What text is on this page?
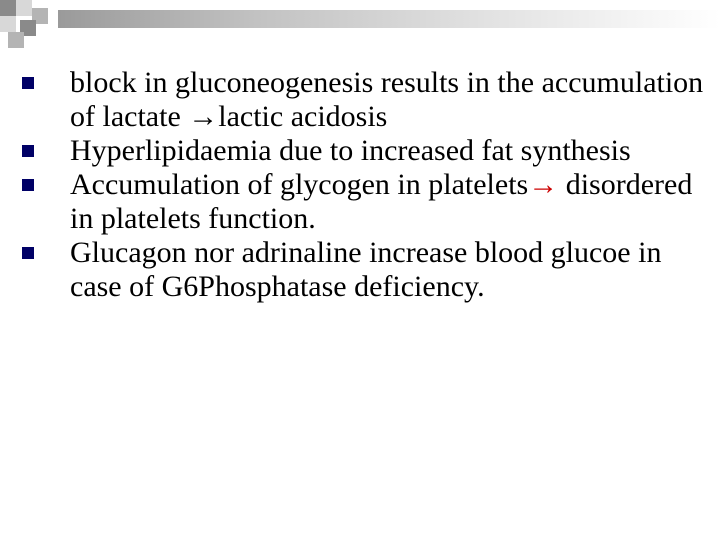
block in gluconeogenesis results in the accumulation of lactate →lactic acidosis

Hyperlipidaemia due to increased fat synthesis

Accumulation of glycogen in platelets→ disordered in platelets function.

Glucagon nor adrinaline increase blood glucoe in case of G6Phosphatase deficiency.
